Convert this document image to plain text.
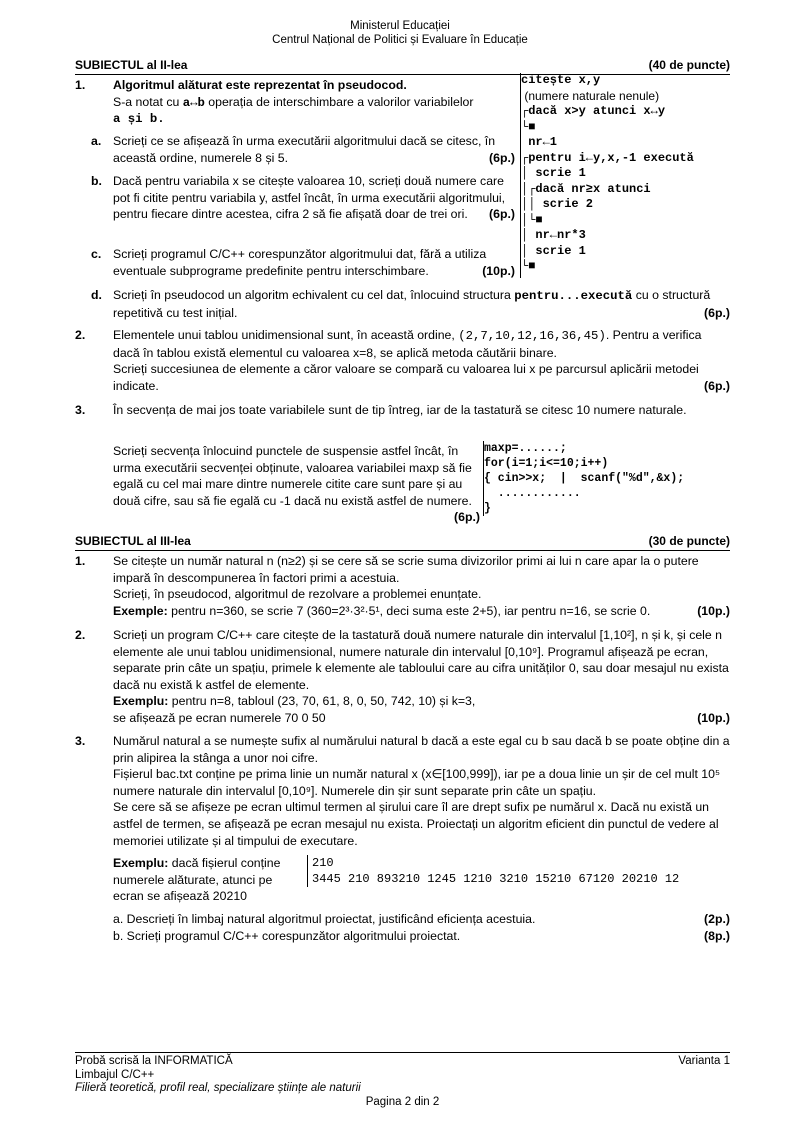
Ministerul Educației
Centrul Național de Politici și Evaluare în Educație
SUBIECTUL al II-lea	(40 de puncte)
1. Algoritmul alăturat este reprezentat în pseudocod.
S-a notat cu a↔b operația de interschimbare a valorilor variabilelor
a și b.
a. Scrieți ce se afișează în urma executării algoritmului dacă se citesc, în această ordine, numerele 8 și 5.	(6p.)
b. Dacă pentru variabila x se citește valoarea 10, scrieți două numere care pot fi citite pentru variabila y, astfel încât, în urma executării algoritmului, pentru fiecare dintre acestea, cifra 2 să fie afișată doar de trei ori. (6p.)
c. Scrieți programul C/C++ corespunzător algoritmului dat, fără a utiliza eventuale subprograme predefinite pentru interschimbare.	(10p.)
citește x,y
(numere naturale nenule)
┌dacă x>y atunci x↔y
└■
nr←1
┌pentru i←y,x,-1 execută
│ scrie 1
│┌dacă nr≥x atunci
││ scrie 2
│└■
│ nr←nr*3
│ scrie 1
└■
d. Scrieți în pseudocod un algoritm echivalent cu cel dat, înlocuind structura pentru...execută cu o structură repetitivă cu test inițial.	(6p.)
2.	Elementele unui tablou unidimensional sunt, în această ordine, (2,7,10,12,16,36,45). Pentru a verifica dacă în tablou există elementul cu valoarea x=8, se aplică metoda căutării binare.
Scrieți succesiunea de elemente a căror valoare se compară cu valoarea lui x pe parcursul aplicării metodei indicate.	(6p.)
3.	În secvența de mai jos toate variabilele sunt de tip întreg, iar de la tastatură se citesc 10 numere naturale.
Scrieți secvența înlocuind punctele de suspensie astfel încât, în urma executării secvenței obținute, valoarea variabilei maxp să fie egală cu cel mai mare dintre numerele citite care sunt pare și au două cifre, sau să fie egală cu -1 dacă nu există astfel de numere.
(6p.)
maxp=......;
for(i=1;i<=10;i++)
{ cin>>x;  |  scanf("%d",&x);
............
}
SUBIECTUL al III-lea	(30 de puncte)
1. Se citește un număr natural n (n≥2) și se cere să se scrie suma divizorilor primi ai lui n care apar la o putere impară în descompunerea în factori primi a acestuia.
Scrieți, în pseudocod, algoritmul de rezolvare a problemei enunțate.
Exemple: pentru n=360, se scrie 7 (360=2³·3²·5¹, deci suma este 2+5), iar pentru n=16, se scrie 0.	(10p.)
2. Scrieți un program C/C++ care citește de la tastatură două numere naturale din intervalul [1,10²], n și k, și cele n elemente ale unui tablou unidimensional, numere naturale din intervalul [0,10⁹]. Programul afișează pe ecran, separate prin câte un spațiu, primele k elemente ale tabloului care au cifra unităților 0, sau doar mesajul nu exista dacă nu există k astfel de elemente.
Exemplu: pentru n=8, tabloul (23, 70, 61, 8, 0, 50, 742, 10) și k=3,
se afișează pe ecran numerele 70 0 50	(10p.)
3. Numărul natural a se numește sufix al numărului natural b dacă a este egal cu b sau dacă b se poate obține din a prin alipirea la stânga a unor noi cifre.
Fișierul bac.txt conține pe prima linie un număr natural x (x∈[100,999]), iar pe a doua linie un șir de cel mult 10⁵ numere naturale din intervalul [0,10⁹]. Numerele din șir sunt separate prin câte un spațiu.
Se cere să se afișeze pe ecran ultimul termen al șirului care îl are drept sufix pe numărul x. Dacă nu există un astfel de termen, se afișează pe ecran mesajul nu exista. Proiectați un algoritm eficient din punctul de vedere al memoriei utilizate și al timpului de executare.
Exemplu: dacă fișierul conține numerele alăturate, atunci pe ecran se afișează 20210
210
3445 210 893210 1245 1210 3210 15210 67120 20210 12
a. Descrieți în limbaj natural algoritmul proiectat, justificând eficiența acestuia.	(2p.)
b. Scrieți programul C/C++ corespunzător algoritmului proiectat.	(8p.)
Probă scrisă la INFORMATICĂ	Varianta 1
Limbajul C/C++
Filieră teoretică, profil real, specializare științe ale naturii
Pagina 2 din 2
